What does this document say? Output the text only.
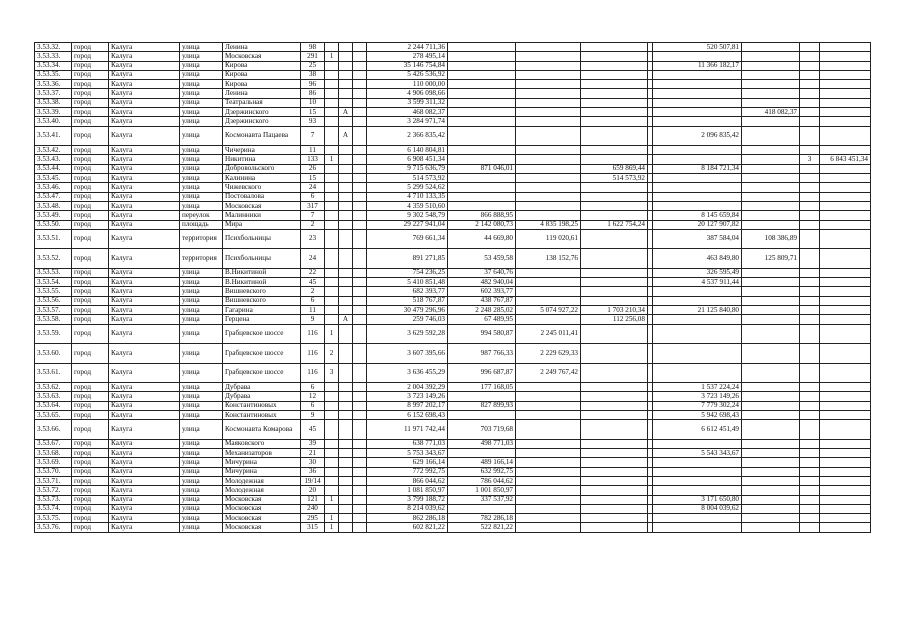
3.53.32.	город	Калуга	улица	Ленина	98				2 244 711,36					520 507,81			
3.53.33.	город	Калуга	улица	Московская	291	1			278 495,14								
3.53.34.	город	Калуга	улица	Кирова	25				35 146 754,84					11 366 182,17			
3.53.35.	город	Калуга	улица	Кирова	38				5 426 536,92								
3.53.36.	город	Калуга	улица	Кирова	96				110 000,00								
3.53.37.	город	Калуга	улица	Ленина	86				4 906 098,66								
3.53.38.	город	Калуга	улица	Театральная	10				3 599 311,32								
3.53.39.	город	Калуга	улица	Дзержинского	15		А		468 082,37						418 082,37		
3.53.40.	город	Калуга	улица	Дзержинского	93				3 284 971,74								
3.53.41.	город	Калуга	улица	Космонавта Пацаева	7		А		2 366 835,42					2 096 835,42			
3.53.42.	город	Калуга	улица	Чичерина	11				6 140 804,81								
3.53.43.	город	Калуга	улица	Никитина	133	1			6 908 451,34							3	6 843 451,34
3.53.44.	город	Калуга	улица	Добровольского	26				9 715 636,79	871 046,01		659 869,44		8 184 721,34			
3.53.45.	город	Калуга	улица	Калинина	15				514 573,92			514 573,92					
3.53.46.	город	Калуга	улица	Чижевского	24				5 299 524,62								
3.53.47.	город	Калуга	улица	Постовалова	6				4 710 133,35								
3.53.48.	город	Калуга	улица	Московская	317				4 359 510,60								
3.53.49.	город	Калуга	переулок	Малинники	7				9 302 548,79	866 888,95				8 145 659,84			
3.53.50.	город	Калуга	площадь	Мира	2				29 227 941,04	2 142 080,73	4 835 198,25	1 622 754,24		20 127 907,82			
3.53.51.	город	Калуга	территория	Психбольницы	23				769 661,34	44 669,80	119 020,61			387 584,04	108 386,89		
3.53.52.	город	Калуга	территория	Психбольницы	24				891 271,85	53 459,58	138 152,76			463 849,80	125 809,71		
3.53.53.	город	Калуга	улица	В.Никитиной	22				754 236,25	37 640,76				326 595,49			
3.53.54.	город	Калуга	улица	В.Никитиной	45				5 410 851,48	482 940,04				4 537 911,44			
3.53.55.	город	Калуга	улица	Вишневского	2				682 393,77	602 393,77							
3.53.56.	город	Калуга	улица	Вишневского	6				518 767,87	438 767,87							
3.53.57.	город	Калуга	улица	Гагарина	11				30 479 296,96	2 248 285,02	5 074 927,22	1 703 210,34		21 125 840,80			
3.53.58.	город	Калуга	улица	Герцена	9		А		259 746,03	67 489,95		112 256,08					
3.53.59.	город	Калуга	улица	Грабцевское шоссе	116	1			3 629 592,28	994 580,87	2 245 011,41						
3.53.60.	город	Калуга	улица	Грабцевское шоссе	116	2			3 607 395,66	987 766,33	2 229 629,33						
3.53.61.	город	Калуга	улица	Грабцевское шоссе	116	3			3 636 455,29	996 687,87	2 249 767,42						
3.53.62.	город	Калуга	улица	Дубрава	6				2 004 392,29	177 168,05				1 537 224,24			
3.53.63.	город	Калуга	улица	Дубрава	12				3 723 149,26					3 723 149,26			
3.53.64.	город	Калуга	улица	Константиновых	6				8 997 202,17	827 899,93				7 779 302,24			
3.53.65.	город	Калуга	улица	Константиновых	9				6 152 698,43					5 942 698,43			
3.53.66.	город	Калуга	улица	Космонавта Комарова	45				11 971 742,44	703 719,68				6 612 451,49			
3.53.67.	город	Калуга	улица	Маяковского	39				638 771,03	498 771,03							
3.53.68.	город	Калуга	улица	Механизаторов	21				5 753 343,67					5 543 343,67			
3.53.69.	город	Калуга	улица	Мичурина	30				629 166,14	489 166,14							
3.53.70.	город	Калуга	улица	Мичурина	36				772 992,75	632 992,75							
3.53.71.	город	Калуга	улица	Молодежная	19/14				866 044,62	786 044,62							
3.53.72.	город	Калуга	улица	Молодежная	20				1 081 850,97	1 001 850,97							
3.53.73.	город	Калуга	улица	Московская	121	1			3 799 188,72	337 537,92				3 171 650,80			
3.53.74.	город	Калуга	улица	Московская	240				8 214 039,62					8 004 039,62			
3.53.75.	город	Калуга	улица	Московская	295	1			862 286,18	782 286,18							
3.53.76.	город	Калуга	улица	Московская	315	1			602 821,22	522 821,22							
